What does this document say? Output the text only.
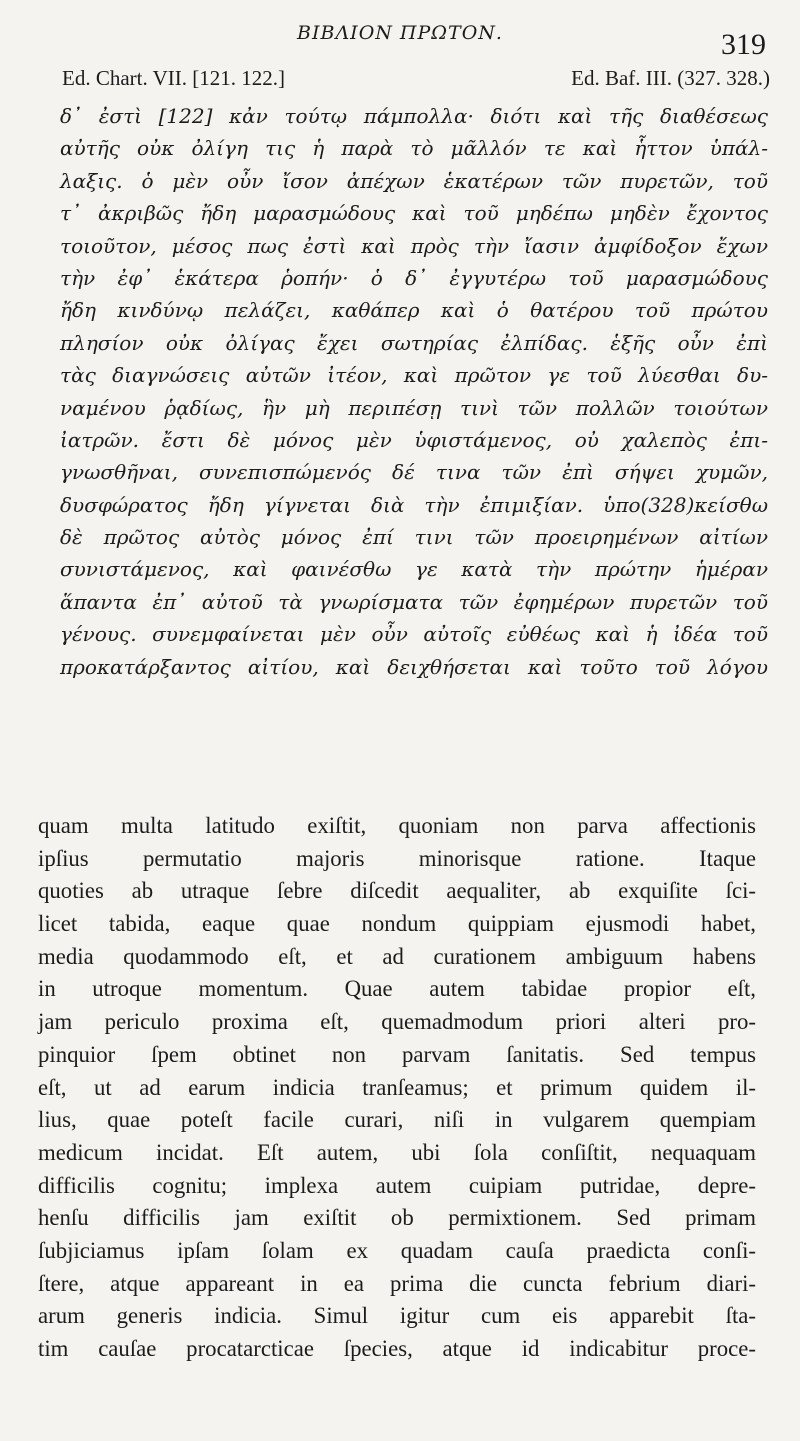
ΒΙΒΛΙΟΝ ΠΡΩΤΟΝ.	319
Ed. Chart. VII. [121. 122.]	Ed. Baf. III. (327. 328.)
δ᾽ ἐστὶ [122] κἀν τούτῳ πάμπολλα· διότι καὶ τῆς διαθέσεως
αὐτῆς οὐκ ὀλίγη τις ἡ παρὰ τὸ μᾶλλόν τε καὶ ἧττον ὑπάλ-
λαξις. ὁ μὲν οὖν ἴσον ἀπέχων ἑκατέρων τῶν πυρετῶν, τοῦ
τ᾽ ἀκριβῶς ἤδη μαρασμώδους καὶ τοῦ μηδέπω μηδὲν ἔχοντος
τοιοῦτον, μέσος πως ἐστὶ καὶ πρὸς τὴν ἴασιν ἀμφίδοξον ἔχων
τὴν ἐφ᾽ ἑκάτερα ῥοπήν· ὁ δ᾽ ἐγγυτέρω τοῦ μαρασμώδους
ἤδη κινδύνῳ πελάζει, καθάπερ καὶ ὁ θατέρου τοῦ πρώτου
πλησίον οὐκ ὀλίγας ἔχει σωτηρίας ἐλπίδας. ἑξῆς οὖν ἐπὶ
τὰς διαγνώσεις αὐτῶν ἰτέον, καὶ πρῶτον γε τοῦ λύεσθαι δυ-
ναμένου ῥᾳδίως, ἣν μὴ περιπέσῃ τινὶ τῶν πολλῶν τοιούτων
ἰατρῶν. ἔστι δὲ μόνος μὲν ὑφιστάμενος, οὐ χαλεπὸς ἐπι-
γνωσθῆναι, συνεπισπώμενός δέ τινα τῶν ἐπὶ σήψει χυμῶν,
δυσφώρατος ἤδη γίγνεται διὰ τὴν ἐπιμιξίαν. ὑπο(328)κείσθω
δὲ πρῶτος αὐτὸς μόνος ἐπί τινι τῶν προειρημένων αἰτίων
συνιστάμενος, καὶ φαινέσθω γε κατὰ τὴν πρώτην ἡμέραν
ἅπαντα ἐπ᾽ αὐτοῦ τὰ γνωρίσματα τῶν ἐφημέρων πυρετῶν τοῦ
γένους. συνεμφαίνεται μὲν οὖν αὐτοῖς εὐθέως καὶ ἡ ἰδέα τοῦ
προκατάρξαντος αἰτίου, καὶ δειχθήσεται καὶ τοῦτο τοῦ λόγου
quam multa latitudo exiſtit, quoniam non parva affectionis
ipſius permutatio majoris minorisque ratione. Itaque
quoties ab utraque ſebre diſcedit aequaliter, ab exquiſite ſci-
licet tabida, eaque quae nondum quippiam ejusmodi habet,
media quodammodo eſt, et ad curationem ambiguum habens
in utroque momentum. Quae autem tabidae propior eſt,
jam periculo proxima eſt, quemadmodum priori alteri pro-
pinquior ſpem obtinet non parvam ſanitatis. Sed tempus
eſt, ut ad earum indicia tranſeamus; et primum quidem il-
lius, quae poteſt facile curari, niſi in vulgarem quempiam
medicum incidat. Eſt autem, ubi ſola conſiſtit, nequaquam
difficilis cognitu; implexa autem cuipiam putridae, depre-
henſu difficilis jam exiſtit ob permixtionem. Sed primam
ſubjiciamus ipſam ſolam ex quadam cauſa praedicta conſi-
ſtere, atque appareant in ea prima die cuncta febrium diari-
arum generis indicia. Simul igitur cum eis apparebit ſta-
tim cauſae procatarcticae ſpecies, atque id indicabitur proce-
